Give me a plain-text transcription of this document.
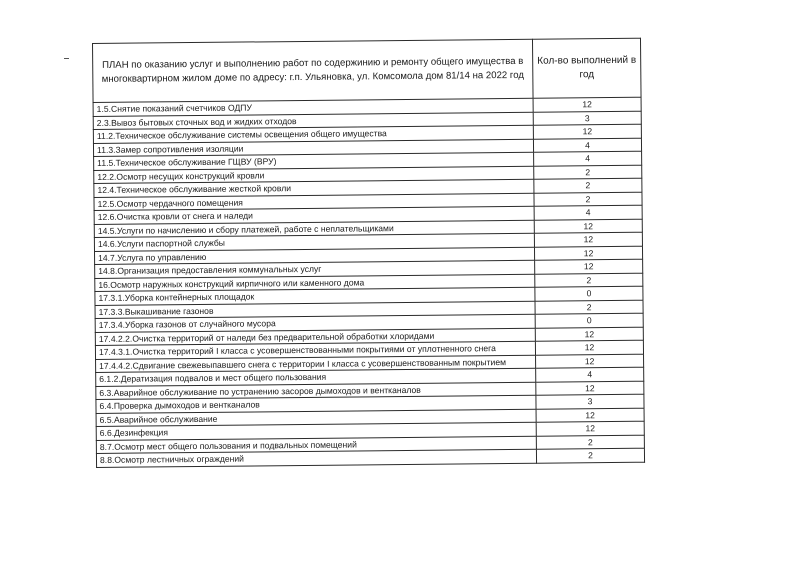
ПЛАН по оказанию услуг и выполнению работ по содержинию и ремонту общего имущества в многоквартирном жилом доме по адресу: г.п. Ульяновка, ул. Комсомола дом 81/14 на 2022 год	Кол-во выполнений в год
1.5.Снятие показаний счетчиков ОДПУ	12
2.3.Вывоз бытовых сточных вод и жидких отходов	3
11.2.Техническое обслуживание системы освещения общего имущества	12
11.3.Замер сопротивления изоляции	4
11.5.Техническое обслуживание ГЩВУ (ВРУ)	4
12.2.Осмотр несущих конструкций кровли	2
12.4.Техническое обслуживание жесткой кровли	2
12.5.Осмотр чердачного помещения	2
12.6.Очистка кровли от снега и наледи	4
14.5.Услуги по начислению и сбору платежей, работе с неплательщиками	12
14.6.Услуги паспортной службы	12
14.7.Услуга по управлению	12
14.8.Организация предоставления коммунальных услуг	12
16.Осмотр наружных конструкций кирпичного или каменного дома	2
17.3.1.Уборка контейнерных площадок	0
17.3.3.Выкашивание газонов	2
17.3.4.Уборка газонов от случайного мусора	0
17.4.2.2.Очистка территорий от наледи без предварительной обработки хлоридами	12
17.4.3.1.Очистка территорий I класса с усовершенствованными покрытиями от уплотненного снега	12
17.4.4.2.Сдвигание свежевыпавшего снега с территории I класса с усовершенствованным покрытием	12
6.1.2.Дератизация подвалов и мест общего пользования	4
6.3.Аварийное обслуживание по устранению засоров дымоходов и вентканалов	12
6.4.Проверка дымоходов и вентканалов	3
6.5.Аварийное обслуживание	12
6.6.Дезинфекция	12
8.7.Осмотр мест общего пользования и подвальных помещений	2
8.8.Осмотр лестничных ограждений	2
